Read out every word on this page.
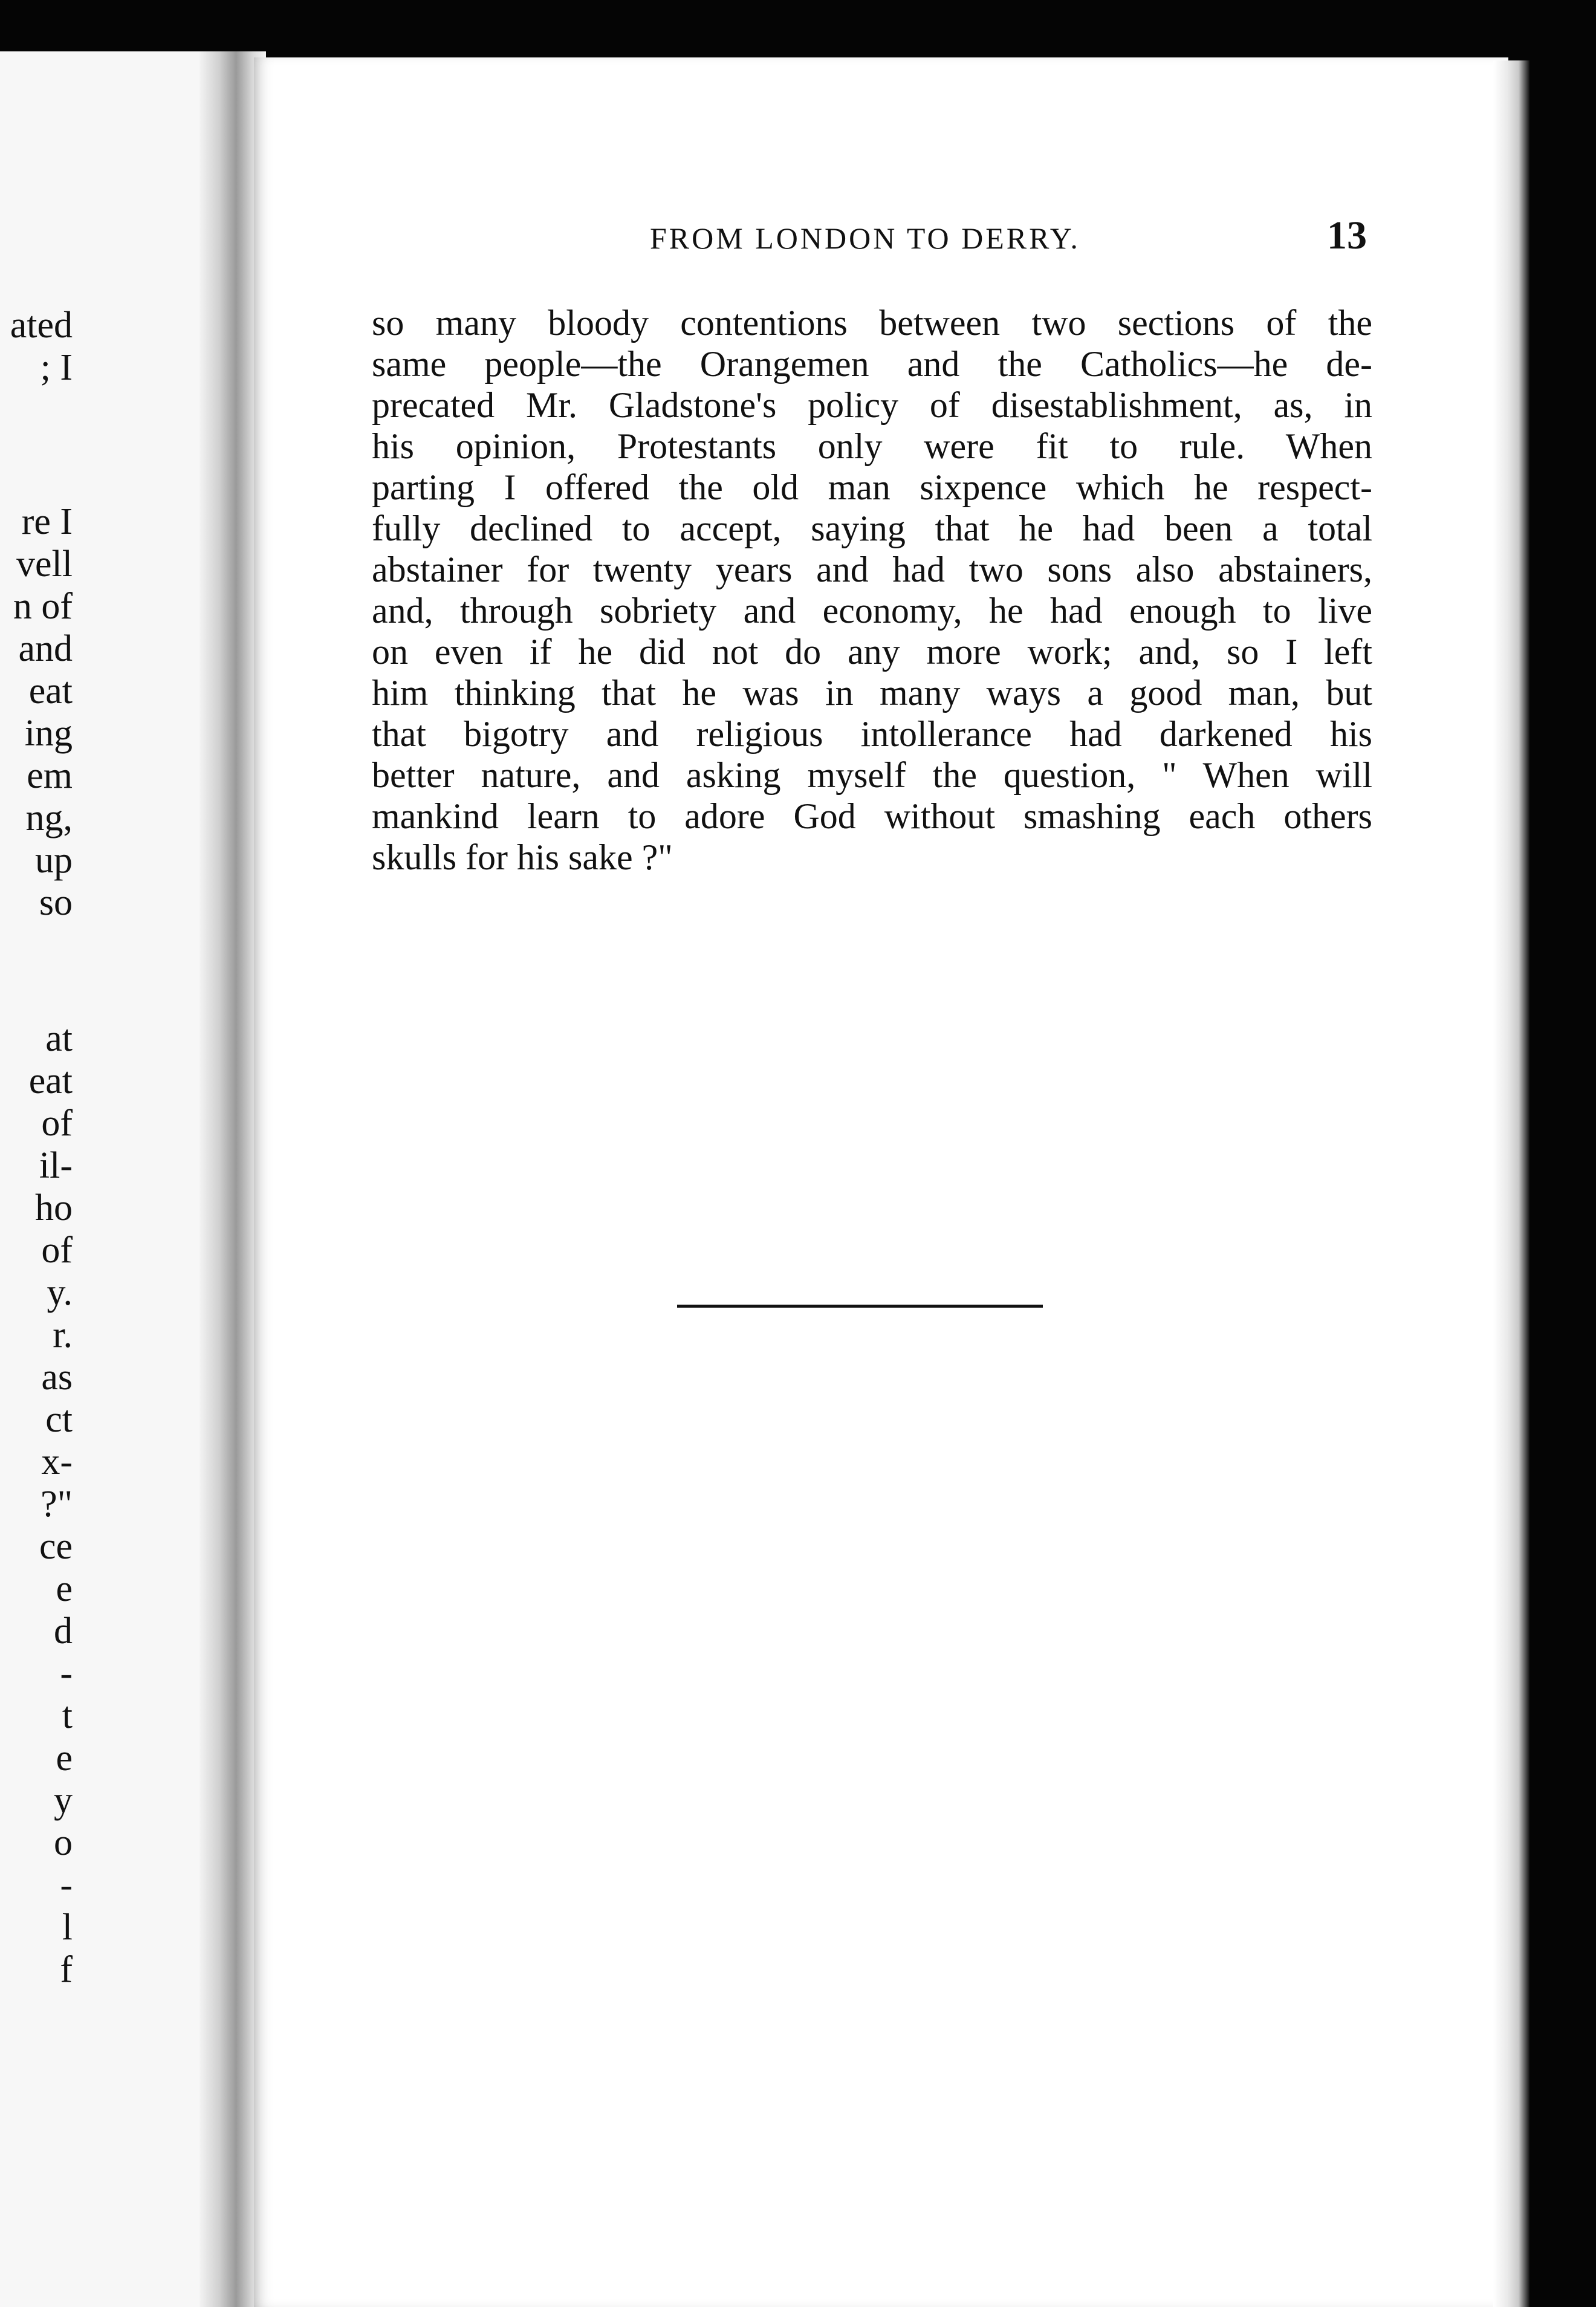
ated
; I
re I
vell
n of
and
eat
ing
em
ng,
up
so
at
eat
of
il-
ho
of
y.
r.
as
ct
x-
?"
ce
e
d
-
t
e
y
o
-
l
f
FROM LONDON TO DERRY.	13
so many bloody contentions between two sections of the
same people—the Orangemen and the Catholics—he de-
precated Mr. Gladstone's policy of disestablishment, as, in
his opinion, Protestants only were fit to rule. When
parting I offered the old man sixpence which he respect-
fully declined to accept, saying that he had been a total
abstainer for twenty years and had two sons also abstainers,
and, through sobriety and economy, he had enough to live
on even if he did not do any more work; and, so I left
him thinking that he was in many ways a good man, but
that bigotry and religious intollerance had darkened his
better nature, and asking myself the question, " When will
mankind learn to adore God without smashing each others
skulls for his sake ?"
